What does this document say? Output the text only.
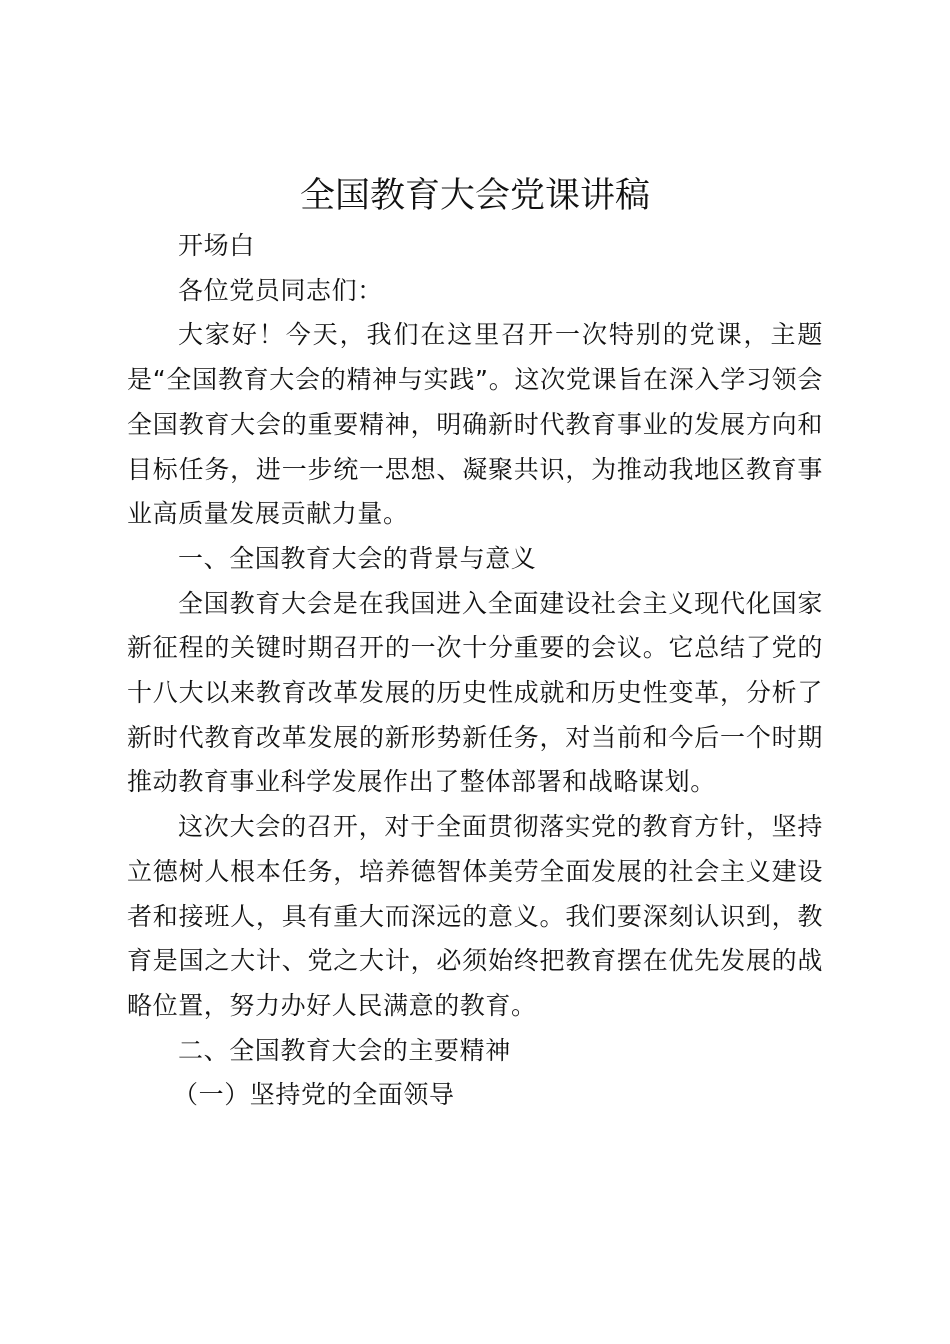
全国教育大会党课讲稿

开场白

各位党员同志们：

大家好！今天，我们在这里召开一次特别的党课，主题是“全国教育大会的精神与实践”。这次党课旨在深入学习领会全国教育大会的重要精神，明确新时代教育事业的发展方向和目标任务，进一步统一思想、凝聚共识，为推动我地区教育事业高质量发展贡献力量。

一、全国教育大会的背景与意义

全国教育大会是在我国进入全面建设社会主义现代化国家新征程的关键时期召开的一次十分重要的会议。它总结了党的十八大以来教育改革发展的历史性成就和历史性变革，分析了新时代教育改革发展的新形势新任务，对当前和今后一个时期推动教育事业科学发展作出了整体部署和战略谋划。

这次大会的召开，对于全面贯彻落实党的教育方针，坚持立德树人根本任务，培养德智体美劳全面发展的社会主义建设者和接班人，具有重大而深远的意义。我们要深刻认识到，教育是国之大计、党之大计，必须始终把教育摆在优先发展的战略位置，努力办好人民满意的教育。

二、全国教育大会的主要精神

（一）坚持党的全面领导
